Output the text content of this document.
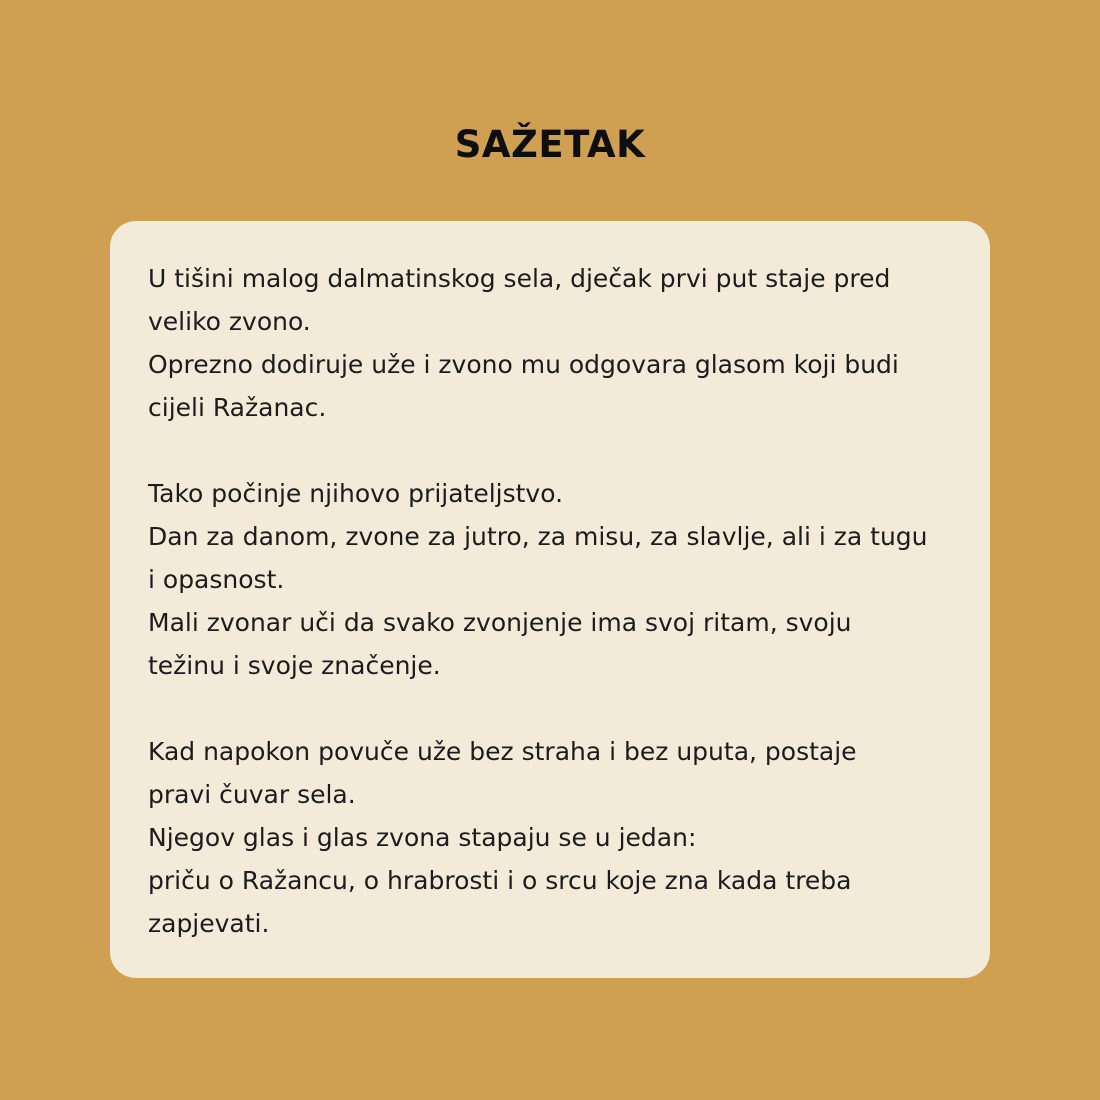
SAŽETAK
U tišini malog dalmatinskog sela, dječak prvi put staje pred
veliko zvono.
Oprezno dodiruje uže i zvono mu odgovara glasom koji budi
cijeli Ražanac.
Tako počinje njihovo prijateljstvo.
Dan za danom, zvone za jutro, za misu, za slavlje, ali i za tugu
i opasnost.
Mali zvonar uči da svako zvonjenje ima svoj ritam, svoju
težinu i svoje značenje.
Kad napokon povuče uže bez straha i bez uputa, postaje
pravi čuvar sela.
Njegov glas i glas zvona stapaju se u jedan:
priču o Ražancu, o hrabrosti i o srcu koje zna kada treba
zapjevati.
